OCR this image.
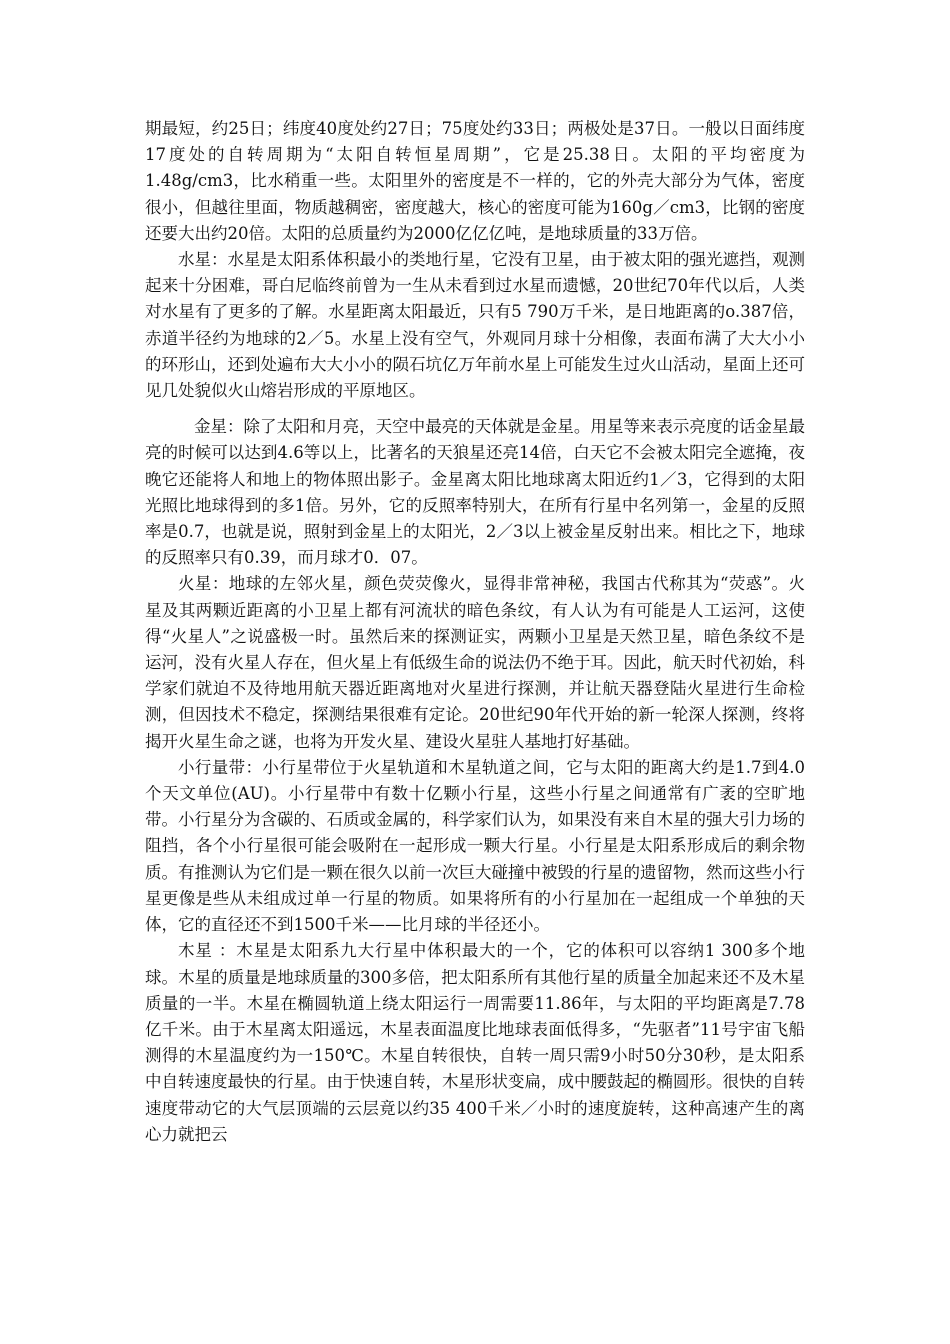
期最短，约25日；纬度40度处约27日；75度处约33日；两极处是37日。一般以日面纬度17度处的自转周期为“太阳自转恒星周期”，它是25.38日。太阳的平均密度为1.48g/cm3，比水稍重一些。太阳里外的密度是不一样的，它的外壳大部分为气体，密度很小，但越往里面，物质越稠密，密度越大，核心的密度可能为160g／cm3，比钢的密度还要大出约20倍。太阳的总质量约为2000亿亿亿吨，是地球质量的33万倍。

水星：水星是太阳系体积最小的类地行星，它没有卫星，由于被太阳的强光遮挡，观测起来十分困难，哥白尼临终前曾为一生从未看到过水星而遗憾，20世纪70年代以后，人类对水星有了更多的了解。水星距离太阳最近，只有5 790万千米，是日地距离的o.387倍，赤道半径约为地球的2／5。水星上没有空气，外观同月球十分相像，表面布满了大大小小的环形山，还到处遍布大大小小的陨石坑亿万年前水星上可能发生过火山活动，星面上还可见几处貌似火山熔岩形成的平原地区。

金星：除了太阳和月亮，天空中最亮的天体就是金星。用星等来表示亮度的话金星最亮的时候可以达到4.6等以上，比著名的天狼星还亮14倍，白天它不会被太阳完全遮掩，夜晚它还能将人和地上的物体照出影子。金星离太阳比地球离太阳近约1／3，它得到的太阳光照比地球得到的多1倍。另外，它的反照率特别大，在所有行星中名列第一，金星的反照率是0.7，也就是说，照射到金星上的太阳光，2／3以上被金星反射出来。相比之下，地球的反照率只有0.39，而月球才0．07。

火星：地球的左邻火星，颜色荧荧像火，显得非常神秘，我国古代称其为“荧惑”。火星及其两颗近距离的小卫星上都有河流状的暗色条纹，有人认为有可能是人工运河，这使得“火星人”之说盛极一时。虽然后来的探测证实，两颗小卫星是天然卫星，暗色条纹不是运河，没有火星人存在，但火星上有低级生命的说法仍不绝于耳。因此，航天时代初始，科学家们就迫不及待地用航天器近距离地对火星进行探测，并让航天器登陆火星进行生命检测，但因技术不稳定，探测结果很难有定论。20世纪90年代开始的新一轮深人探测，终将揭开火星生命之谜，也将为开发火星、建设火星驻人基地打好基础。

小行量带：小行星带位于火星轨道和木星轨道之间，它与太阳的距离大约是1.7到4.0个天文单位(AU)。小行星带中有数十亿颗小行星，这些小行星之间通常有广袤的空旷地带。小行星分为含碳的、石质或金属的，科学家们认为，如果没有来自木星的强大引力场的阻挡，各个小行星很可能会吸附在一起形成一颗大行星。小行星是太阳系形成后的剩余物质。有推测认为它们是一颗在很久以前一次巨大碰撞中被毁的行星的遗留物，然而这些小行星更像是些从未组成过单一行星的物质。如果将所有的小行星加在一起组成一个单独的天体，它的直径还不到1500千米——比月球的半径还小。

木星 ：木星是太阳系九大行星中体积最大的一个，它的体积可以容纳1 300多个地球。木星的质量是地球质量的300多倍，把太阳系所有其他行星的质量全加起来还不及木星质量的一半。木星在椭圆轨道上绕太阳运行一周需要11.86年，与太阳的平均距离是7.78亿千米。由于木星离太阳遥远，木星表面温度比地球表面低得多，“先驱者”11号宇宙飞船测得的木星温度约为一150℃。木星自转很快，自转一周只需9小时50分30秒，是太阳系中自转速度最快的行星。由于快速自转，木星形状变扁，成中腰鼓起的椭圆形。很快的自转速度带动它的大气层顶端的云层竟以约35 400千米／小时的速度旋转，这种高速产生的离心力就把云
